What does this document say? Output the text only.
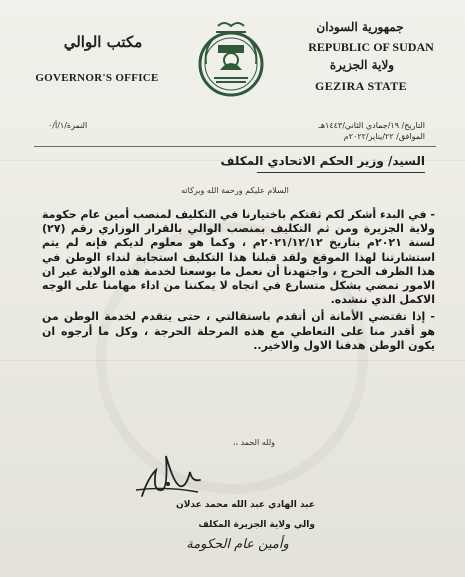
مكتب الوالي
GOVERNOR'S OFFICE
جمهورية السودان
REPUBLIC OF SUDAN
ولاية الجزيرة
GEZIRA STATE
التاريخ/ ١٩/جمادي الثاني/١٤٤٣هـ
الموافق/ ٢٢/يناير/٢٠٢٢م
النمرة/١/أ/٠
السيد/ وزير الحكم الاتحادي المكلف
السلام عليكم ورحمة الله وبركاته

- في البدء أشكر لكم ثقتكم باختيارنا في التكليف لمنصب أمين عام حكومة ولاية الجزيرة ومن ثم التكليف بمنصب الوالي بالقرار الوزاري رقم (٢٧) لسنة ٢٠٢١م بتاريخ ٢٠٢١/١٢/١٢م ، وكما هو معلوم لديكم فإنه لم يتم استشارتنا لهذا الموقع ولقد قبلنا هذا التكليف استجابة لنداء الوطن في هذا الظرف الحرج ، واجتهدنا أن نعمل ما بوسعنا لخدمة هذه الولاية غير ان الامور تمضي بشكل متسارع في اتجاه لا يمكننا من اداء مهامنا على الوجه الاكمل الذي ننشده.

- إذا تقتضي الأمانة أن أتقدم باستقالتي ، حتى يتقدم لخدمة الوطن من هو أقدر منا على التعاطي مع هذه المرحلة الحرجة ، وكل ما أرجوه ان يكون الوطن هدفنا الاول والاخير..

ولله الحمد ،،
عبد الهادي عبد الله محمد عدلان
والي ولاية الجزيرة المكلف
وأمين عام الحكومة
